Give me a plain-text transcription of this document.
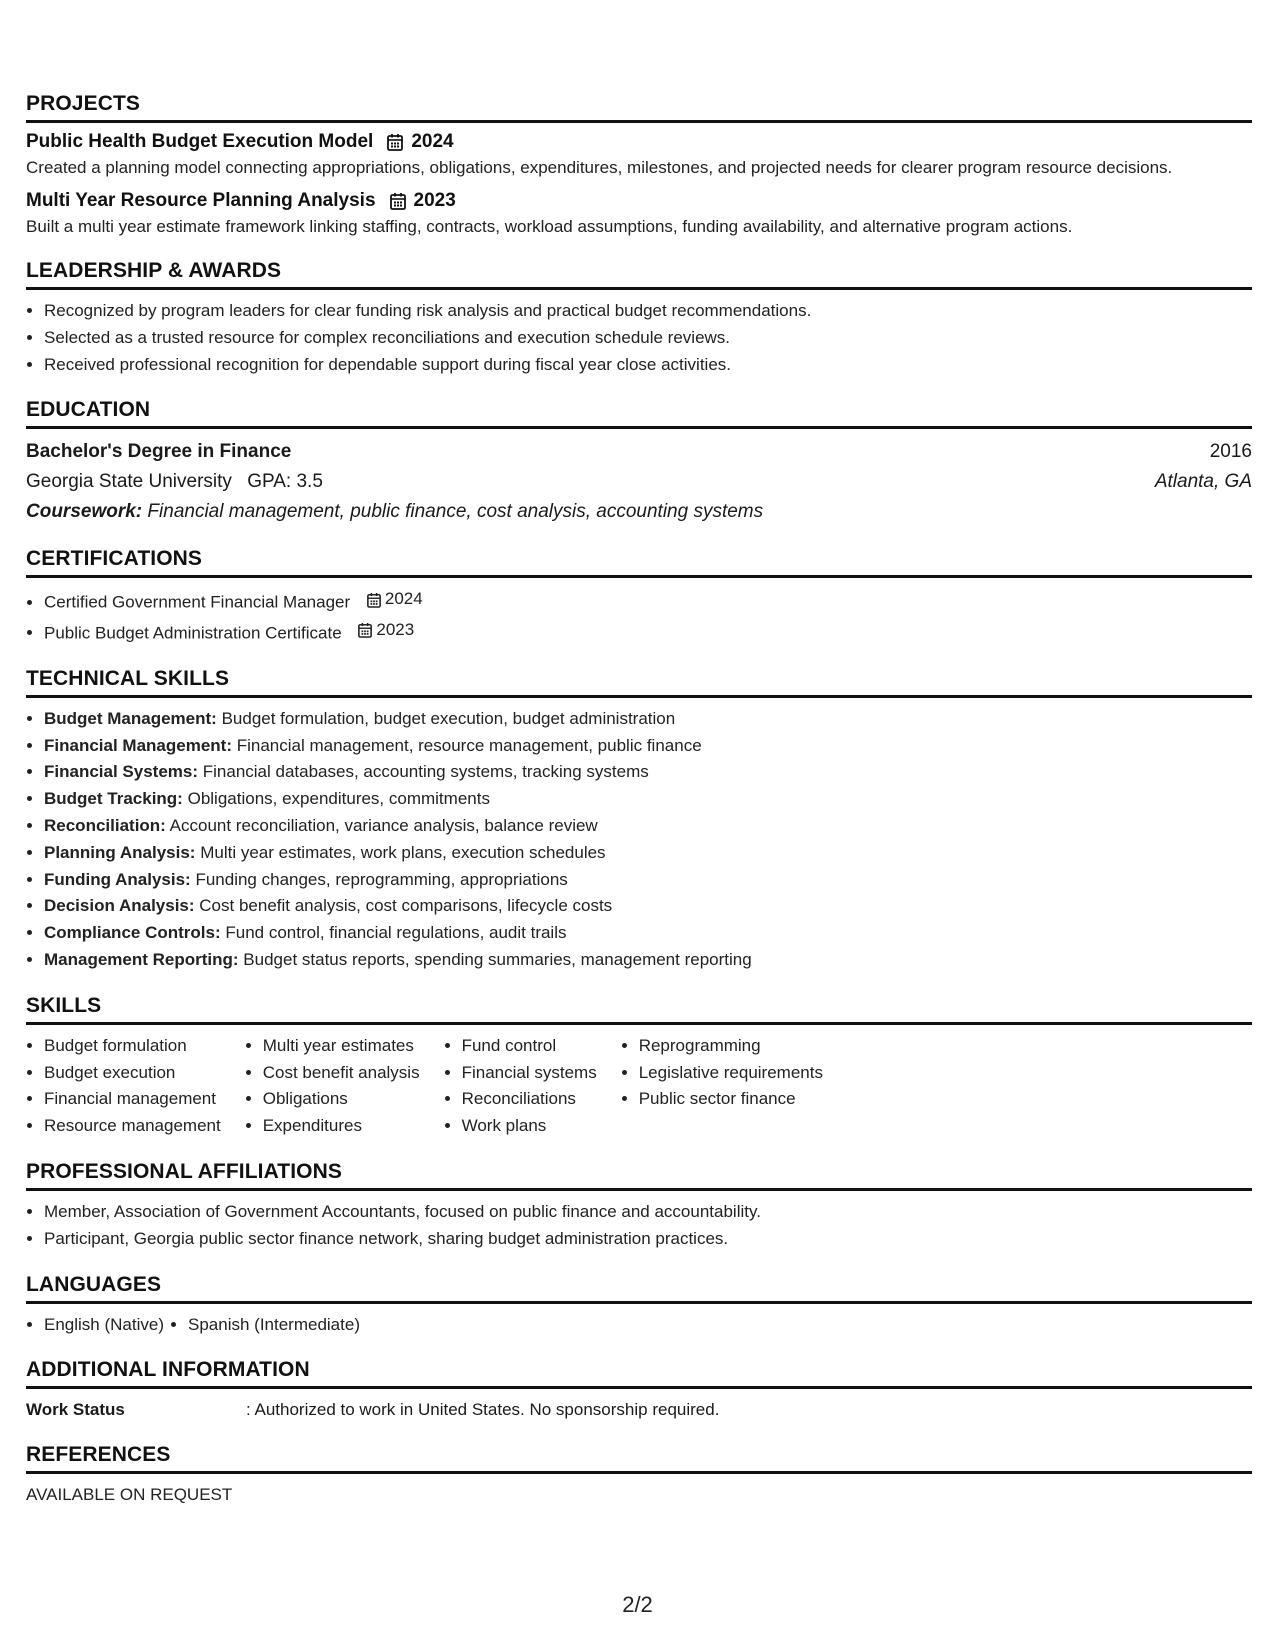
PROJECTS
Public Health Budget Execution Model 2024
Created a planning model connecting appropriations, obligations, expenditures, milestones, and projected needs for clearer program resource decisions.
Multi Year Resource Planning Analysis 2023
Built a multi year estimate framework linking staffing, contracts, workload assumptions, funding availability, and alternative program actions.
LEADERSHIP & AWARDS
• Recognized by program leaders for clear funding risk analysis and practical budget recommendations.
• Selected as a trusted resource for complex reconciliations and execution schedule reviews.
• Received professional recognition for dependable support during fiscal year close activities.
EDUCATION
Bachelor's Degree in Finance	2016
Georgia State University GPA: 3.5	Atlanta, GA
Coursework: Financial management, public finance, cost analysis, accounting systems
CERTIFICATIONS
• Certified Government Financial Manager 2024
• Public Budget Administration Certificate 2023
TECHNICAL SKILLS
• Budget Management: Budget formulation, budget execution, budget administration
• Financial Management: Financial management, resource management, public finance
• Financial Systems: Financial databases, accounting systems, tracking systems
• Budget Tracking: Obligations, expenditures, commitments
• Reconciliation: Account reconciliation, variance analysis, balance review
• Planning Analysis: Multi year estimates, work plans, execution schedules
• Funding Analysis: Funding changes, reprogramming, appropriations
• Decision Analysis: Cost benefit analysis, cost comparisons, lifecycle costs
• Compliance Controls: Fund control, financial regulations, audit trails
• Management Reporting: Budget status reports, spending summaries, management reporting
SKILLS
• Budget formulation
• Budget execution
• Financial management
• Resource management
• Multi year estimates
• Cost benefit analysis
• Obligations
• Expenditures
• Fund control
• Financial systems
• Reconciliations
• Work plans
• Reprogramming
• Legislative requirements
• Public sector finance
PROFESSIONAL AFFILIATIONS
• Member, Association of Government Accountants, focused on public finance and accountability.
• Participant, Georgia public sector finance network, sharing budget administration practices.
LANGUAGES
• English (Native)
• Spanish (Intermediate)
ADDITIONAL INFORMATION
Work Status	: Authorized to work in United States. No sponsorship required.
REFERENCES
AVAILABLE ON REQUEST
2/2
